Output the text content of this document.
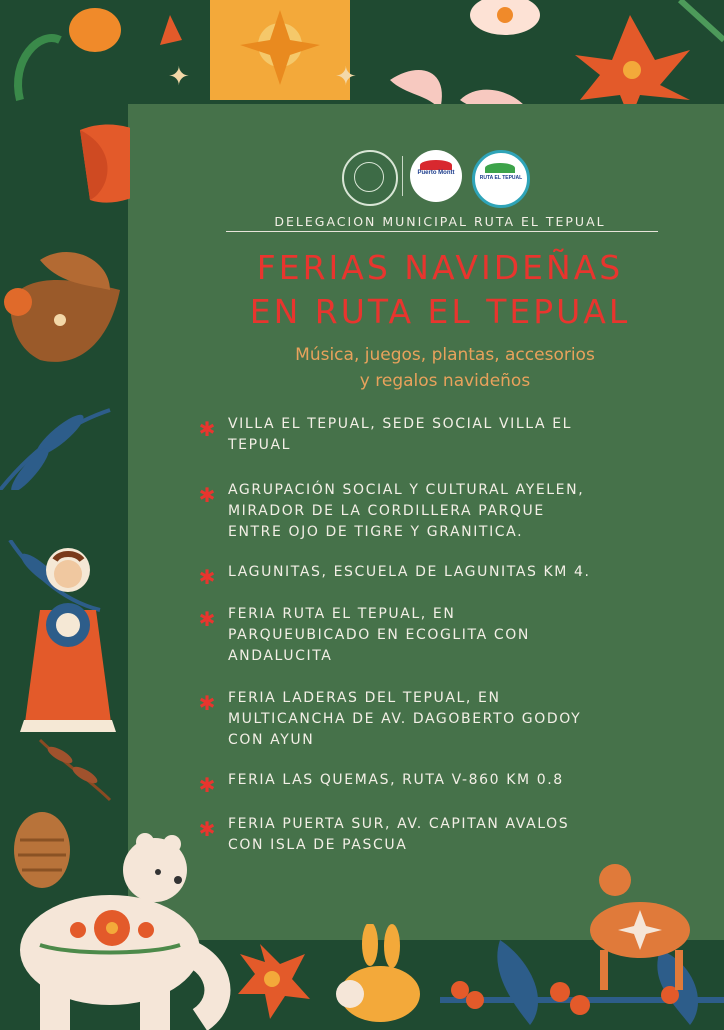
✦	✦
Puerto Montt
RUTA EL TEPUAL
DELEGACION MUNICIPAL RUTA EL TEPUAL
FERIAS NAVIDEÑAS
EN RUTA EL TEPUAL
Música, juegos, plantas, accesorios
y regalos navideños
✱ VILLA EL TEPUAL, SEDE SOCIAL VILLA EL
TEPUAL
✱ AGRUPACIÓN SOCIAL Y CULTURAL AYELEN,
MIRADOR DE LA CORDILLERA PARQUE
ENTRE OJO DE TIGRE Y GRANITICA.
✱ LAGUNITAS, ESCUELA DE LAGUNITAS KM 4.
✱ FERIA RUTA EL TEPUAL, EN
PARQUEUBICADO EN ECOGLITA CON
ANDALUCITA
✱ FERIA LADERAS DEL TEPUAL, EN
MULTICANCHA DE AV. DAGOBERTO GODOY
CON AYUN
✱ FERIA LAS QUEMAS, RUTA V-860 KM 0.8
✱ FERIA PUERTA SUR, AV. CAPITAN AVALOS
CON ISLA DE PASCUA
